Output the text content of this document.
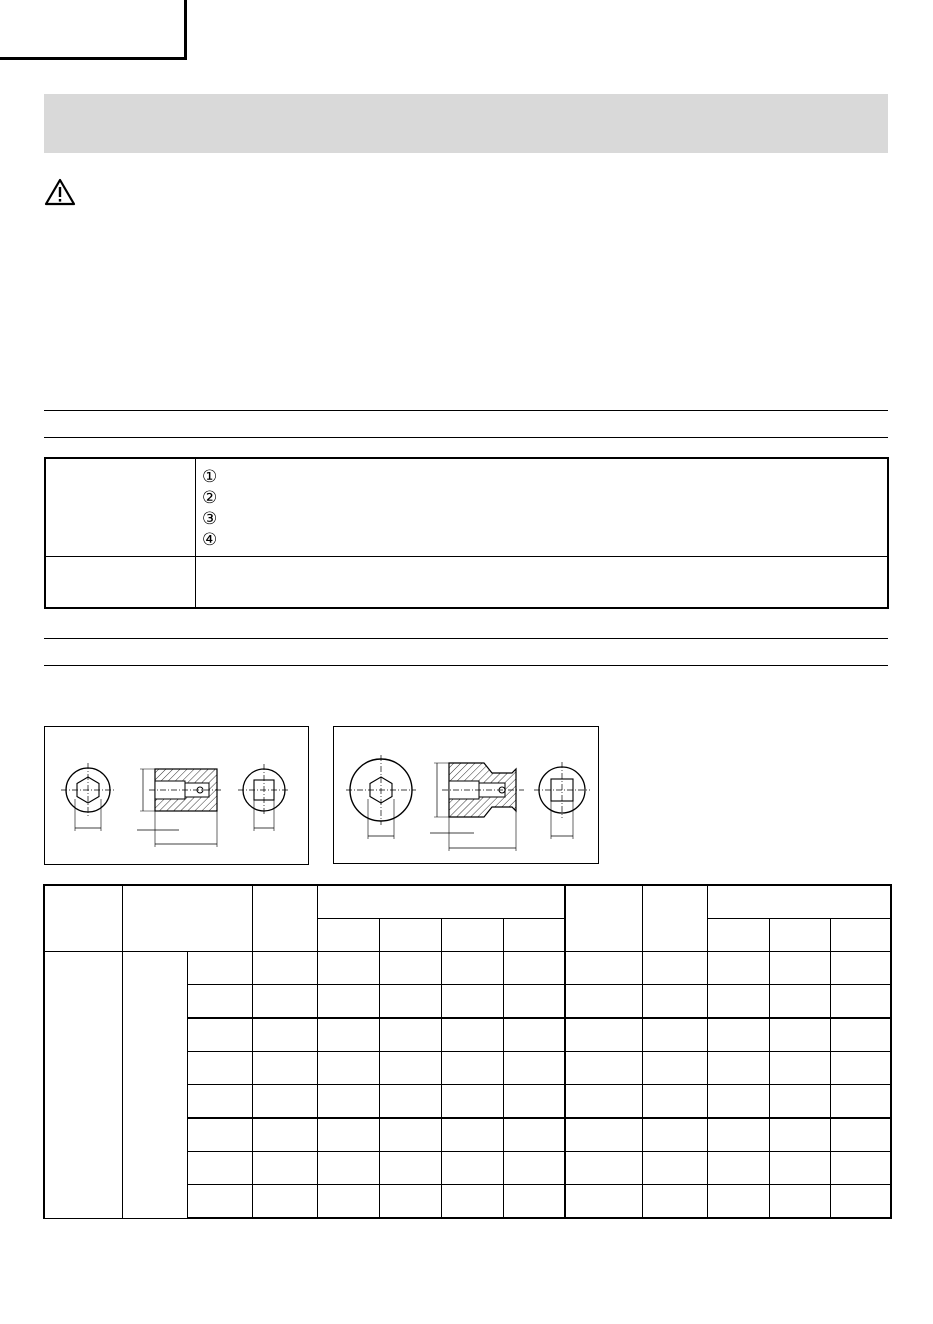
①
②
③
④
